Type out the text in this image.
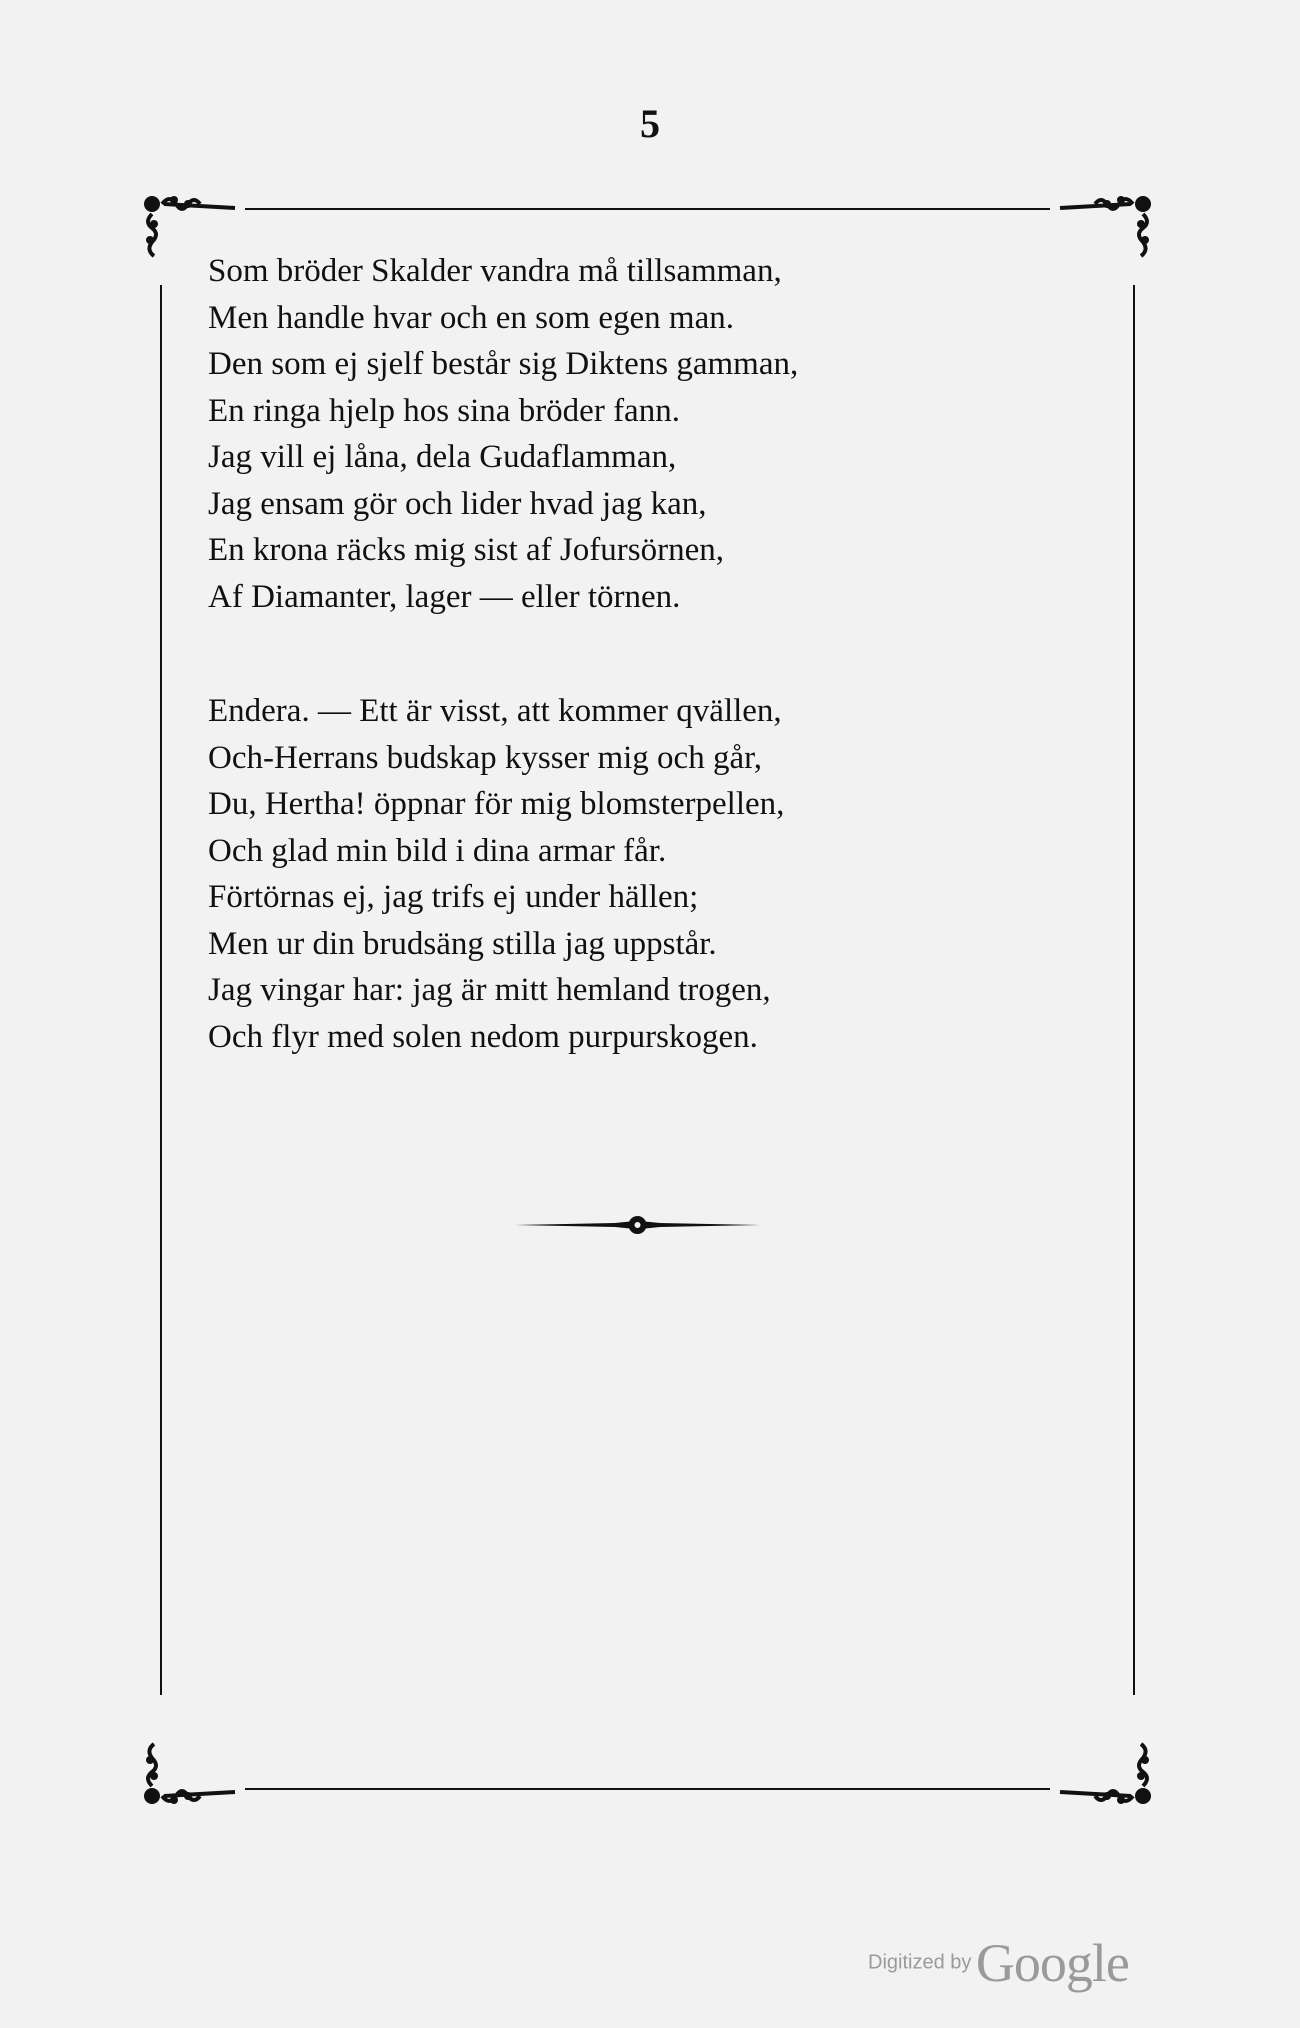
5
Som bröder Skalder vandra må tillsamman,
Men handle hvar och en som egen man.
Den som ej sjelf består sig Diktens gamman,
En ringa hjelp hos sina bröder fann.
Jag vill ej låna, dela Gudaflamman,
Jag ensam gör och lider hvad jag kan,
En krona räcks mig sist af Jofursörnen,
Af Diamanter, lager — eller törnen.
Endera. — Ett är visst, att kommer qvällen,
Och-Herrans budskap kysser mig och går,
Du, Hertha! öppnar för mig blomsterpellen,
Och glad min bild i dina armar får.
Förtörnas ej, jag trifs ej under hällen;
Men ur din brudsäng stilla jag uppstår.
Jag vingar har: jag är mitt hemland trogen,
Och flyr med solen nedom purpurskogen.
Digitized by Google
